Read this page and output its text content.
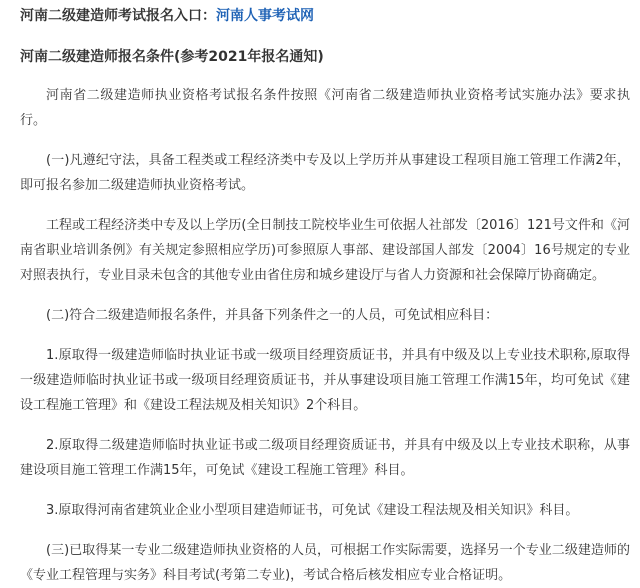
河南二级建造师考试报名入口：河南人事考试网
河南二级建造师报名条件(参考2021年报名通知)

河南省二级建造师执业资格考试报名条件按照《河南省二级建造师执业资格考试实施办法》要求执行。

(一)凡遵纪守法，具备工程类或工程经济类中专及以上学历并从事建设工程项目施工管理工作满2年，即可报名参加二级建造师执业资格考试。

工程或工程经济类中专及以上学历(全日制技工院校毕业生可依据人社部发〔2016〕121号文件和《河南省职业培训条例》有关规定参照相应学历)可参照原人事部、建设部国人部发〔2004〕16号规定的专业对照表执行，专业目录未包含的其他专业由省住房和城乡建设厅与省人力资源和社会保障厅协商确定。

(二)符合二级建造师报名条件，并具备下列条件之一的人员，可免试相应科目：

1.原取得一级建造师临时执业证书或一级项目经理资质证书，并具有中级及以上专业技术职称,原取得一级建造师临时执业证书或一级项目经理资质证书，并从事建设项目施工管理工作满15年，均可免试《建设工程施工管理》和《建设工程法规及相关知识》2个科目。

2.原取得二级建造师临时执业证书或二级项目经理资质证书，并具有中级及以上专业技术职称，从事建设项目施工管理工作满15年，可免试《建设工程施工管理》科目。

3.原取得河南省建筑业企业小型项目建造师证书，可免试《建设工程法规及相关知识》科目。

(三)已取得某一专业二级建造师执业资格的人员，可根据工作实际需要，选择另一个专业二级建造师的《专业工程管理与实务》科目考试(考第二专业)，考试合格后核发相应专业合格证明。
